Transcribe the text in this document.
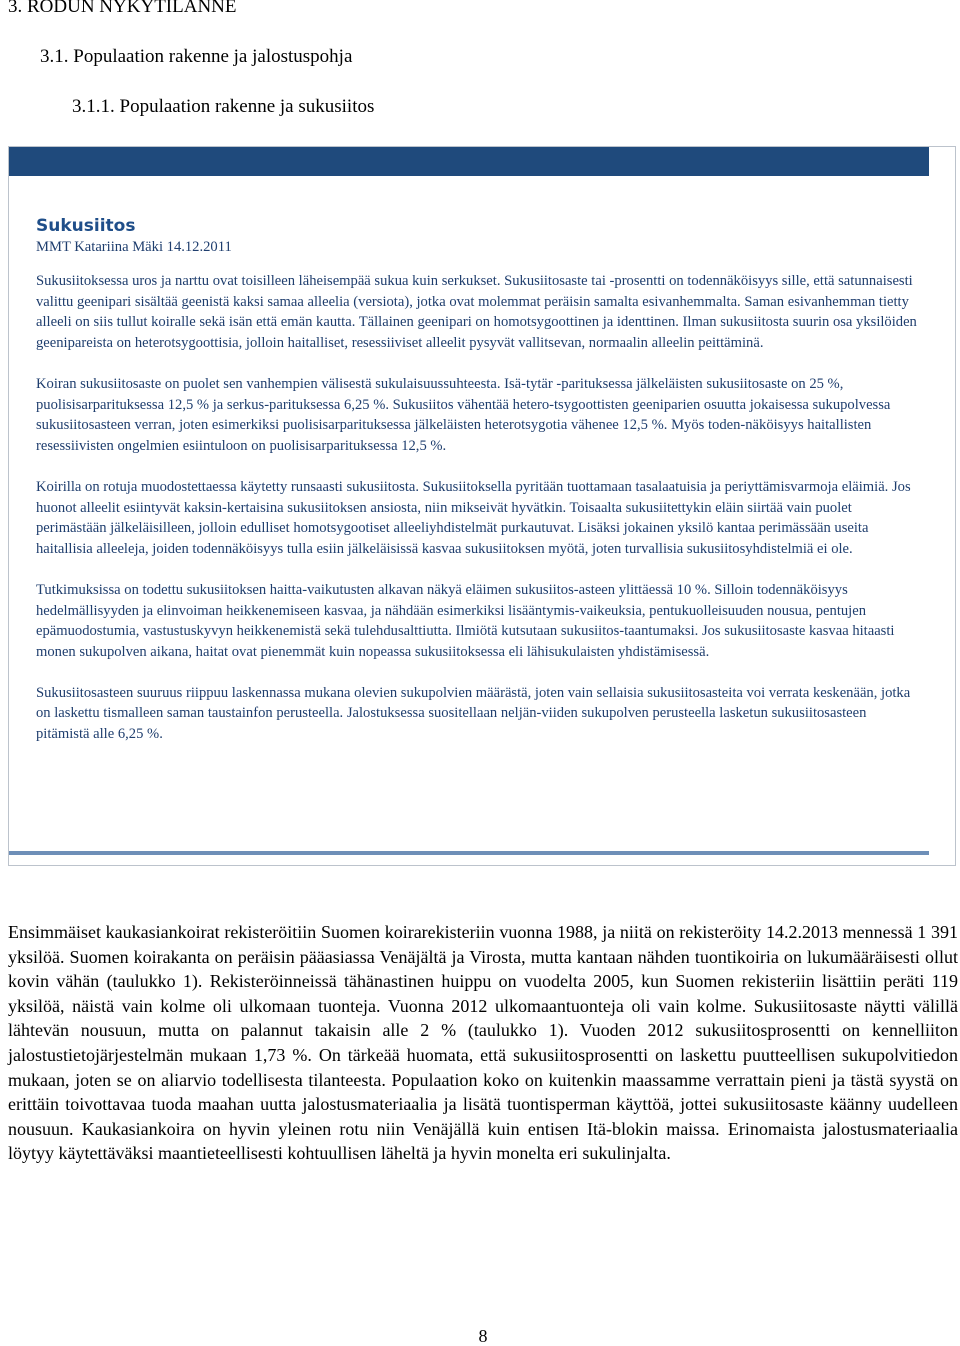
3. RODUN NYKYTILANNE
3.1. Populaation rakenne ja jalostuspohja
3.1.1. Populaation rakenne ja sukusiitos
Sukusiitos
MMT Katariina Mäki 14.12.2011

Sukusiitoksessa uros ja narttu ovat toisilleen läheisempää sukua kuin serkukset. Sukusiitosaste tai -prosentti on todennäköisyys sille, että satunnaisesti valittu geenipari sisältää geenistä kaksi samaa alleelia (versiota), jotka ovat molemmat peräisin samalta esivanhemmalta. Saman esivanhemman tietty alleeli on siis tullut koiralle sekä isän että emän kautta. Tällainen geenipari on homotsygoottinen ja identtinen. Ilman sukusiitosta suurin osa yksilöiden geenipareista on heterotsygoottisia, jolloin haitalliset, resessiiviset alleelit pysyvät vallitsevan, normaalin alleelin peittäminä.

Koiran sukusiitosaste on puolet sen vanhempien välisestä sukulaisuussuhteesta. Isä-tytär -parituksessa jälkeläisten sukusiitosaste on 25 %, puolisisarparituksessa 12,5 % ja serkus-parituksessa 6,25 %. Sukusiitos vähentää hetero-tsygoottisten geeniparien osuutta jokaisessa sukupolvessa sukusiitosasteen verran, joten esimerkiksi puolisisarparituksessa jälkeläisten heterotsygotia vähenee 12,5 %. Myös toden-näköisyys haitallisten resessiivisten ongelmien esiintuloon on puolisisarparituksessa 12,5 %.

Koirilla on rotuja muodostettaessa käytetty runsaasti sukusiitosta. Sukusiitoksella pyritään tuottamaan tasalaatuisia ja periyttämisvarmoja eläimiä. Jos huonot alleelit esiintyvät kaksin-kertaisina sukusiitoksen ansiosta, niin mikseivät hyvätkin. Toisaalta sukusiitettykin eläin siirtää vain puolet perimästään jälkeläisilleen, jolloin edulliset homotsygootiset alleeliyhdistelmät purkautuvat. Lisäksi jokainen yksilö kantaa perimässään useita haitallisia alleeleja, joiden todennäköisyys tulla esiin jälkeläisissä kasvaa sukusiitoksen myötä, joten turvallisia sukusiitosyhdistelmiä ei ole.

Tutkimuksissa on todettu sukusiitoksen haitta-vaikutusten alkavan näkyä eläimen sukusiitos-asteen ylittäessä 10 %. Silloin todennäköisyys hedelmällisyyden ja elinvoiman heikkenemiseen kasvaa, ja nähdään esimerkiksi lisääntymis-vaikeuksia, pentukuolleisuuden nousua, pentujen epämuodostumia, vastustuskyvyn heikkenemistä sekä tulehdusalttiutta. Ilmiötä kutsutaan sukusiitos-taantumaksi. Jos sukusiitosaste kasvaa hitaasti monen sukupolven aikana, haitat ovat pienemmät kuin nopeassa sukusiitoksessa eli lähisukulaisten yhdistämisessä.

Sukusiitosasteen suuruus riippuu laskennassa mukana olevien sukupolvien määrästä, joten vain sellaisia sukusiitosasteita voi verrata keskenään, jotka on laskettu tismalleen saman taustainfon perusteella. Jalostuksessa suositellaan neljän-viiden sukupolven perusteella lasketun sukusiitosasteen pitämistä alle 6,25 %.

Ensimmäiset kaukasiankoirat rekisteröitiin Suomen koirarekisteriin vuonna 1988, ja niitä on rekisteröity 14.2.2013 mennessä 1 391 yksilöä. Suomen koirakanta on peräisin pääasiassa Venäjältä ja Virosta, mutta kantaan nähden tuontikoiria on lukumääräisesti ollut kovin vähän (taulukko 1). Rekisteröinneissä tähänastinen huippu on vuodelta 2005, kun Suomen rekisteriin lisättiin peräti 119 yksilöä, näistä vain kolme oli ulkomaan tuonteja. Vuonna 2012 ulkomaantuonteja oli vain kolme. Sukusiitosaste näytti välillä lähtevän nousuun, mutta on palannut takaisin alle 2 % (taulukko 1). Vuoden 2012 sukusiitosprosentti on kennelliiton jalostustietojärjestelmän mukaan 1,73 %. On tärkeää huomata, että sukusiitosprosentti on laskettu puutteellisen sukupolvitiedon mukaan, joten se on aliarvio todellisesta tilanteesta. Populaation koko on kuitenkin maassamme verrattain pieni ja tästä syystä on erittäin toivottavaa tuoda maahan uutta jalostusmateriaalia ja lisätä tuontisperman käyttöä, jottei sukusiitosaste käänny uudelleen nousuun. Kaukasiankoira on hyvin yleinen rotu niin Venäjällä kuin entisen Itä-blokin maissa. Erinomaista jalostusmateriaalia löytyy käytettäväksi maantieteellisesti kohtuullisen läheltä ja hyvin monelta eri sukulinjalta.

8
